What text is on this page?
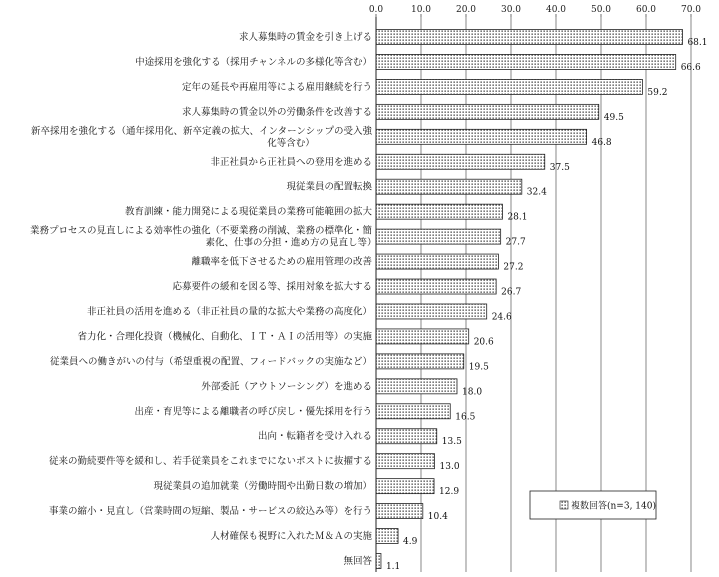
0.0	10.0	20.0	30.0	40.0	50.0	60.0	70.0
求人募集時の賃金を引き上げる
中途採用を強化する（採用チャンネルの多様化等含む）
定年の延長や再雇用等による雇用継続を行う
求人募集時の賃金以外の労働条件を改善する
新卒採用を強化する（通年採用化、新卒定義の拡大、インターンシップの受入強
化等含む）
非正社員から正社員への登用を進める
現従業員の配置転換
教育訓練・能力開発による現従業員の業務可能範囲の拡大
業務プロセスの見直しによる効率性の強化（不要業務の削減、業務の標準化・簡
素化、仕事の分担・進め方の見直し等）
離職率を低下させるための雇用管理の改善
応募要件の緩和を図る等、採用対象を拡大する
非正社員の活用を進める（非正社員の量的な拡大や業務の高度化）
省力化・合理化投資（機械化、自動化、ＩＴ・ＡＩの活用等）の実施
従業員への働きがいの付与（希望重視の配置、フィードバックの実施など）
外部委託（アウトソーシング）を進める
出産・育児等による離職者の呼び戻し・優先採用を行う
出向・転籍者を受け入れる
従来の勤続要件等を緩和し、若手従業員をこれまでにないポストに抜擢する
現従業員の追加就業（労働時間や出勤日数の増加）
事業の縮小・見直し（営業時間の短縮、製品・サービスの絞込み等）を行う
人材確保も視野に入れたＭ＆Ａの実施
無回答
68.1
66.6
59.2
49.5
46.8
37.5
32.4
28.1
27.7
27.2
26.7
24.6
20.6
19.5
18.0
16.5
13.5
13.0
12.9
10.4
4.9
1.1
複数回答(n=3, 140)
